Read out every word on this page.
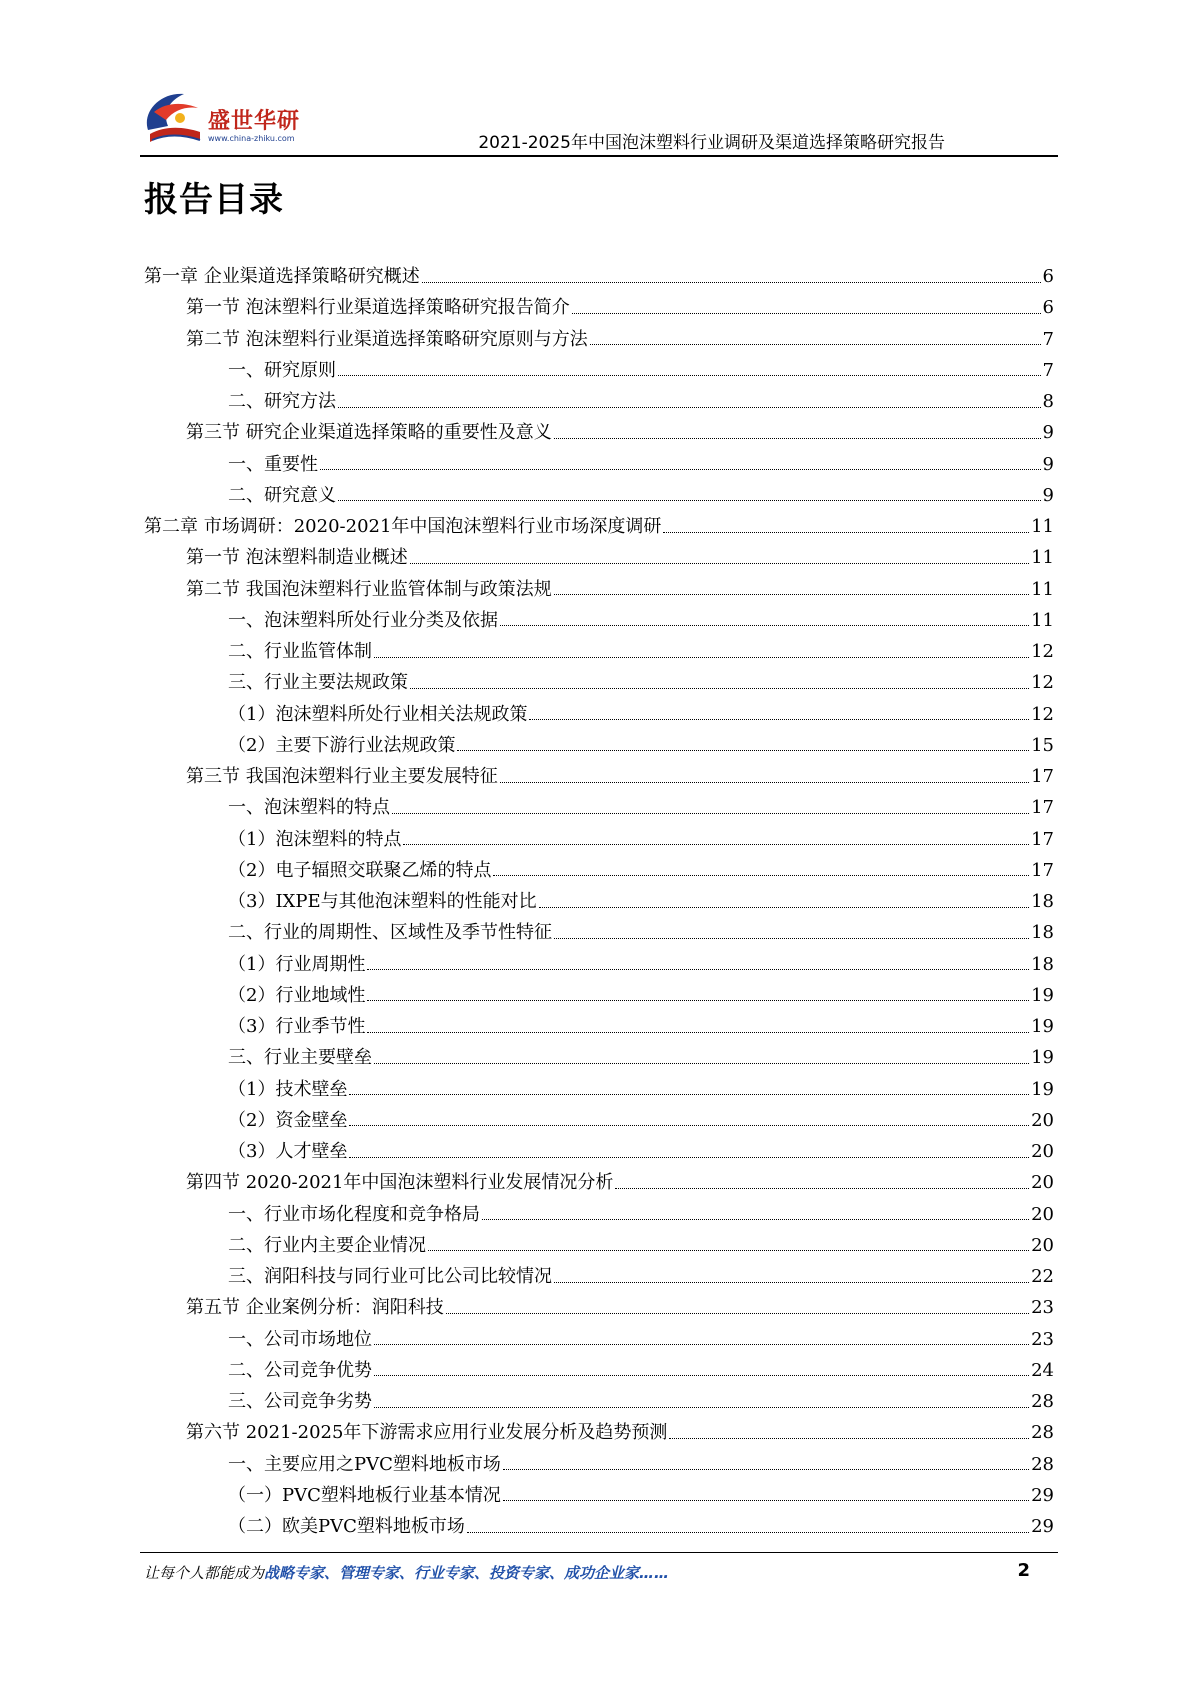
盛世华研
www.china-zhiku.com	2021-2025年中国泡沫塑料行业调研及渠道选择策略研究报告
报告目录
第一章 企业渠道选择策略研究概述	6
第一节 泡沫塑料行业渠道选择策略研究报告简介	6
第二节 泡沫塑料行业渠道选择策略研究原则与方法	7
一、研究原则	7
二、研究方法	8
第三节 研究企业渠道选择策略的重要性及意义	9
一、重要性	9
二、研究意义	9
第二章 市场调研：2020-2021年中国泡沫塑料行业市场深度调研	11
第一节 泡沫塑料制造业概述	11
第二节 我国泡沫塑料行业监管体制与政策法规	11
一、泡沫塑料所处行业分类及依据	11
二、行业监管体制	12
三、行业主要法规政策	12
（1）泡沫塑料所处行业相关法规政策	12
（2）主要下游行业法规政策	15
第三节 我国泡沫塑料行业主要发展特征	17
一、泡沫塑料的特点	17
（1）泡沫塑料的特点	17
（2）电子辐照交联聚乙烯的特点	17
（3）IXPE与其他泡沫塑料的性能对比	18
二、行业的周期性、区域性及季节性特征	18
（1）行业周期性	18
（2）行业地域性	19
（3）行业季节性	19
三、行业主要壁垒	19
（1）技术壁垒	19
（2）资金壁垒	20
（3）人才壁垒	20
第四节 2020-2021年中国泡沫塑料行业发展情况分析	20
一、行业市场化程度和竞争格局	20
二、行业内主要企业情况	20
三、润阳科技与同行业可比公司比较情况	22
第五节 企业案例分析：润阳科技	23
一、公司市场地位	23
二、公司竞争优势	24
三、公司竞争劣势	28
第六节 2021-2025年下游需求应用行业发展分析及趋势预测	28
一、主要应用之PVC塑料地板市场	28
（一）PVC塑料地板行业基本情况	29
（二）欧美PVC塑料地板市场	29
让每个人都能成为战略专家、管理专家、行业专家、投资专家、成功企业家……	2
